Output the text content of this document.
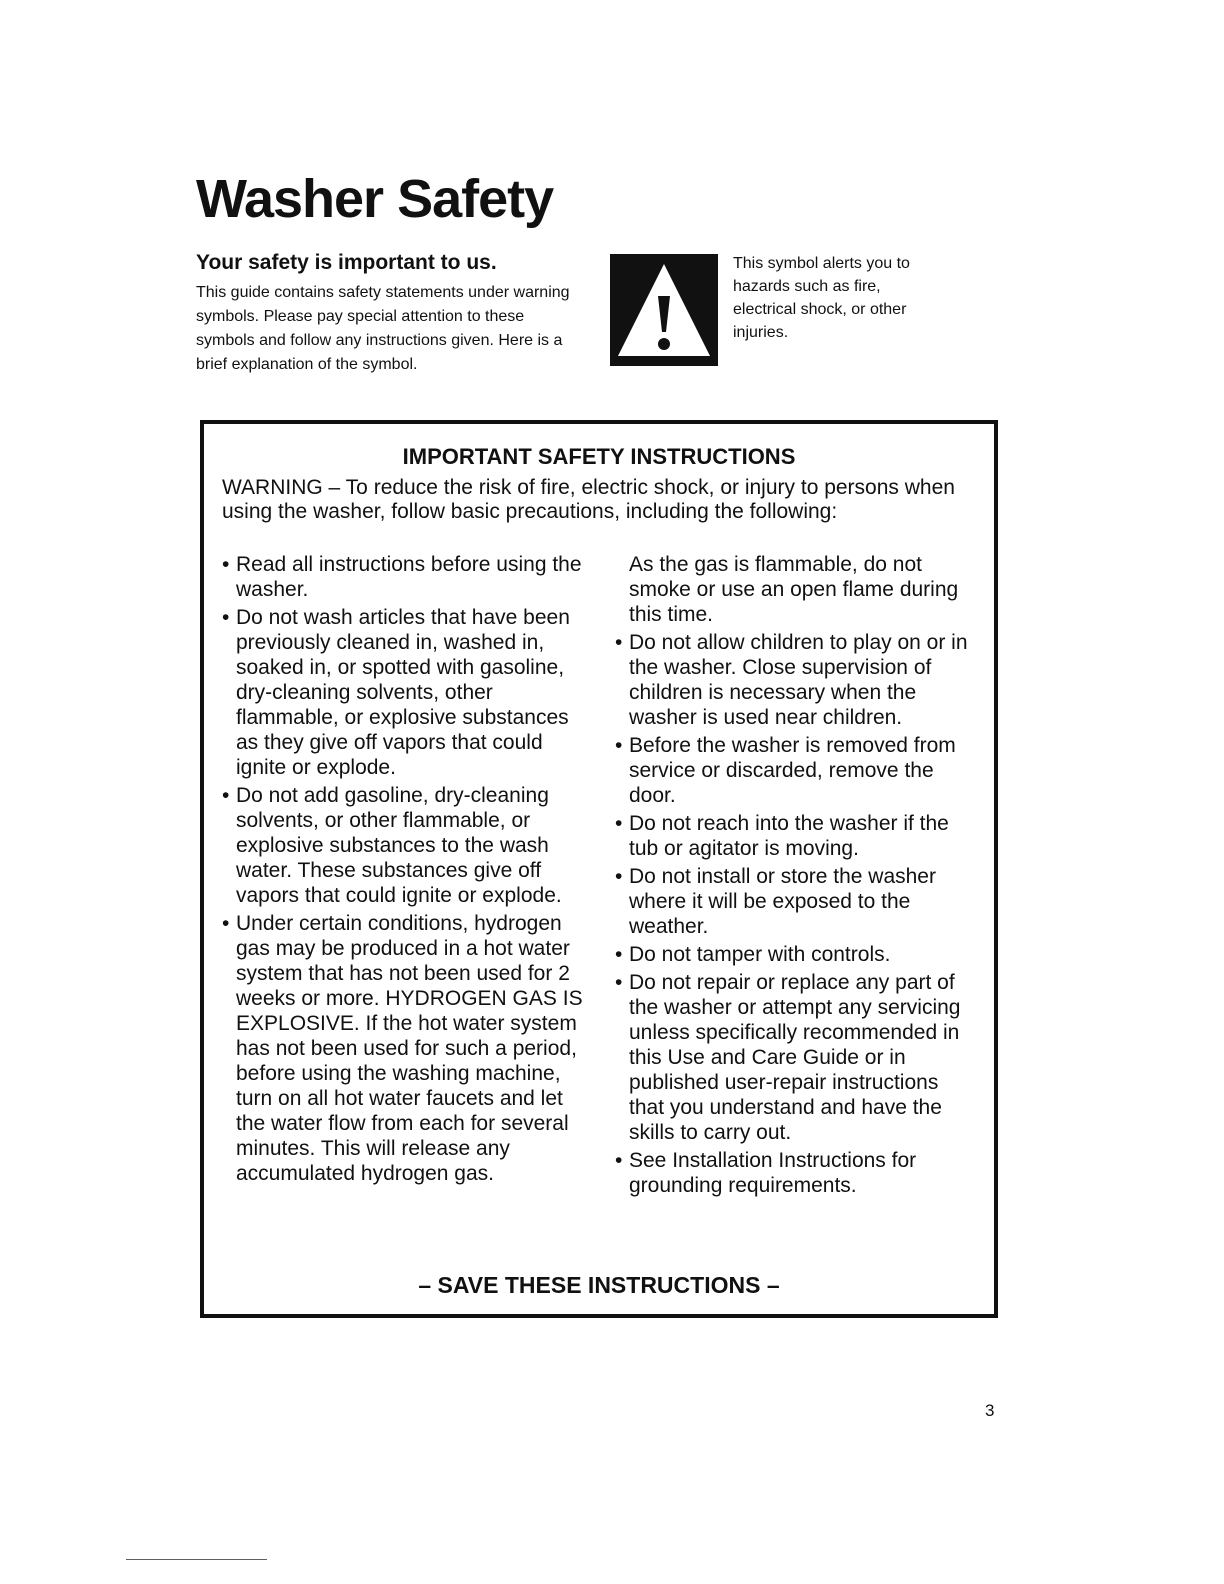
Washer Safety
Your safety is important to us.

This guide contains safety statements under warning symbols. Please pay special attention to these symbols and follow any instructions given. Here is a brief explanation of the symbol.

This symbol alerts you to hazards such as fire, electrical shock, or other injuries.

IMPORTANT SAFETY INSTRUCTIONS

WARNING – To reduce the risk of fire, electric shock, or injury to persons when using the washer, follow basic precautions, including the following:

• Read all instructions before using the washer.
• Do not wash articles that have been previously cleaned in, washed in, soaked in, or spotted with gasoline, dry-cleaning solvents, other flammable, or explosive substances as they give off vapors that could ignite or explode.
• Do not add gasoline, dry-cleaning solvents, or other flammable, or explosive substances to the wash water. These substances give off vapors that could ignite or explode.
• Under certain conditions, hydrogen gas may be produced in a hot water system that has not been used for 2 weeks or more. HYDROGEN GAS IS EXPLOSIVE. If the hot water system has not been used for such a period, before using the washing machine, turn on all hot water faucets and let the water flow from each for several minutes. This will release any accumulated hydrogen gas.
As the gas is flammable, do not smoke or use an open flame during this time.
• Do not allow children to play on or in the washer. Close supervision of children is necessary when the washer is used near children.
• Before the washer is removed from service or discarded, remove the door.
• Do not reach into the washer if the tub or agitator is moving.
• Do not install or store the washer where it will be exposed to the weather.
• Do not tamper with controls.
• Do not repair or replace any part of the washer or attempt any servicing unless specifically recommended in this Use and Care Guide or in published user-repair instructions that you understand and have the skills to carry out.
• See Installation Instructions for grounding requirements.

– SAVE THESE INSTRUCTIONS –

3
